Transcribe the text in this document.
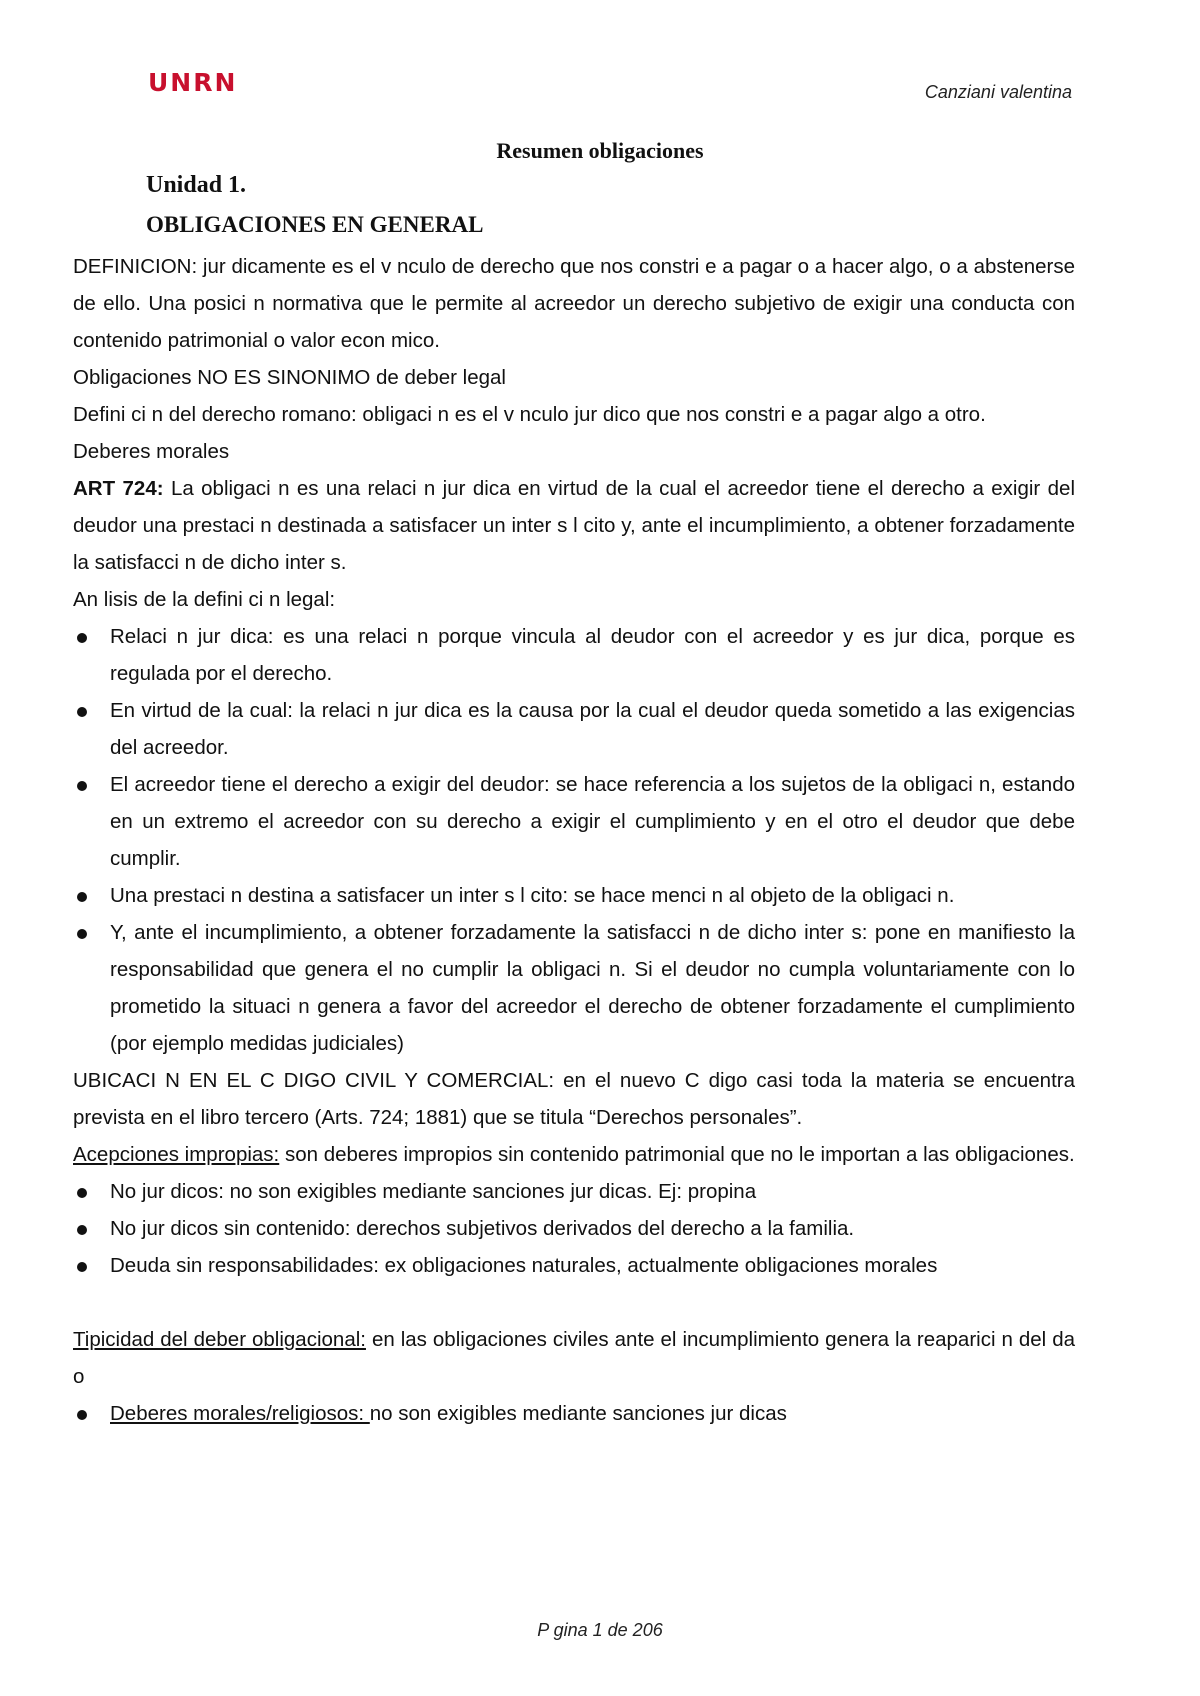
UNRN	Canziani valentina
Resumen obligaciones
Unidad 1.
OBLIGACIONES EN GENERAL

DEFINICION: jur dicamente es el v nculo de derecho que nos constri e a pagar o a hacer algo, o a abstenerse de ello. Una posici n normativa que le permite al acreedor un derecho subjetivo de exigir una conducta con contenido patrimonial o valor econ mico.

Obligaciones NO ES SINONIMO de deber legal

Defini ci n del derecho romano: obligaci n es el v nculo jur dico que nos constri e a pagar algo a otro.

Deberes morales

ART 724: La obligaci n es una relaci n jur dica en virtud de la cual el acreedor tiene el derecho a exigir del deudor una prestaci n destinada a satisfacer un inter s l cito y, ante el incumplimiento, a obtener forzadamente la satisfacci n de dicho inter s.

An lisis de la defini ci n legal:

Relaci n jur dica: es una relaci n porque vincula al deudor con el acreedor y es jur dica, porque es regulada por el derecho.
En virtud de la cual: la relaci n jur dica es la causa por la cual el deudor queda sometido a las exigencias del acreedor.
El acreedor tiene el derecho a exigir del deudor: se hace referencia a los sujetos de la obligaci n, estando en un extremo el acreedor con su derecho a exigir el cumplimiento y en el otro el deudor que debe cumplir.
Una prestaci n destina a satisfacer un inter s l cito: se hace menci n al objeto de la obligaci n.
Y, ante el incumplimiento, a obtener forzadamente la satisfacci n de dicho inter s: pone en manifiesto la responsabilidad que genera el no cumplir la obligaci n. Si el deudor no cumpla voluntariamente con lo prometido la situaci n genera a favor del acreedor el derecho de obtener forzadamente el cumplimiento (por ejemplo medidas judiciales)

UBICACI N EN EL C DIGO CIVIL Y COMERCIAL: en el nuevo C digo casi toda la materia se encuentra prevista en el libro tercero (Arts. 724; 1881) que se titula “Derechos personales”.

Acepciones impropias: son deberes impropios sin contenido patrimonial que no le importan a las obligaciones.

No jur dicos: no son exigibles mediante sanciones jur dicas. Ej: propina
No jur dicos sin contenido: derechos subjetivos derivados del derecho a la familia.
Deuda sin responsabilidades: ex obligaciones naturales, actualmente obligaciones morales

Tipicidad del deber obligacional: en las obligaciones civiles ante el incumplimiento genera la reaparici n del da o

Deberes morales/religiosos: no son exigibles mediante sanciones jur dicas
P gina 1 de 206
